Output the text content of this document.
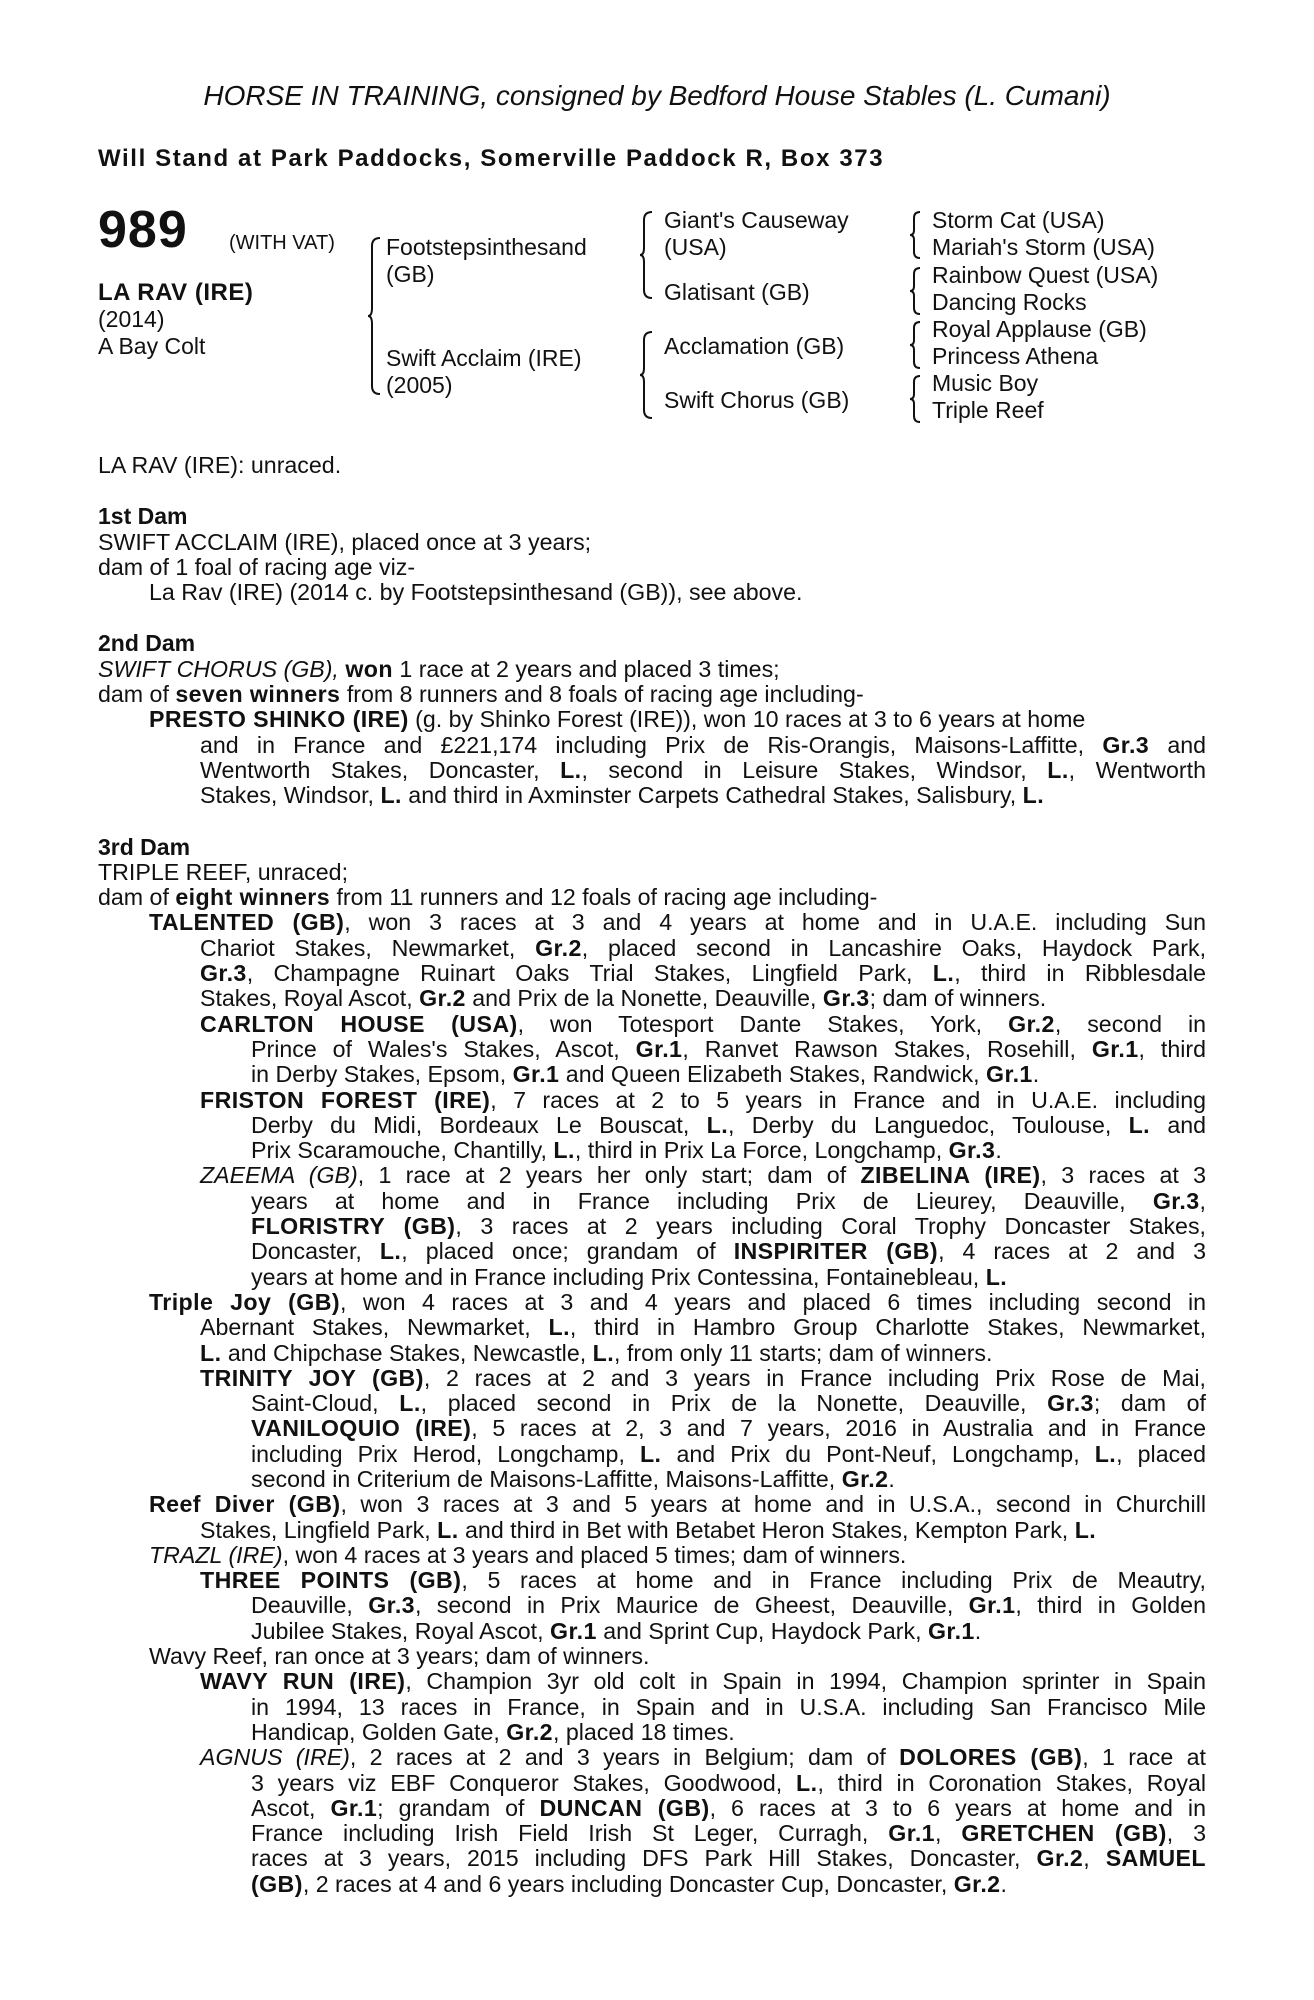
HORSE IN TRAINING, consigned by Bedford House Stables (L. Cumani)
Will Stand at Park Paddocks, Somerville Paddock R, Box 373
989 (WITH VAT)
LA RAV (IRE)
(2014)
A Bay Colt
Footstepsinthesand
(GB)
Swift Acclaim (IRE)
(2005)
Giant's Causeway
(USA)
Glatisant (GB)
Acclamation (GB)
Swift Chorus (GB)
Storm Cat (USA)
Mariah's Storm (USA)
Rainbow Quest (USA)
Dancing Rocks
Royal Applause (GB)
Princess Athena
Music Boy
Triple Reef
LA RAV (IRE): unraced.
1st Dam
SWIFT ACCLAIM (IRE), placed once at 3 years;
dam of 1 foal of racing age viz-
La Rav (IRE) (2014 c. by Footstepsinthesand (GB)), see above.
2nd Dam
SWIFT CHORUS (GB), won 1 race at 2 years and placed 3 times;
dam of seven winners from 8 runners and 8 foals of racing age including-
PRESTO SHINKO (IRE) (g. by Shinko Forest (IRE)), won 10 races at 3 to 6 years at home
and in France and £221,174 including Prix de Ris-Orangis, Maisons-Laffitte, Gr.3 and
Wentworth Stakes, Doncaster, L., second in Leisure Stakes, Windsor, L., Wentworth
Stakes, Windsor, L. and third in Axminster Carpets Cathedral Stakes, Salisbury, L.
3rd Dam
TRIPLE REEF, unraced;
dam of eight winners from 11 runners and 12 foals of racing age including-
TALENTED (GB), won 3 races at 3 and 4 years at home and in U.A.E. including Sun
Chariot Stakes, Newmarket, Gr.2, placed second in Lancashire Oaks, Haydock Park,
Gr.3, Champagne Ruinart Oaks Trial Stakes, Lingfield Park, L., third in Ribblesdale
Stakes, Royal Ascot, Gr.2 and Prix de la Nonette, Deauville, Gr.3; dam of winners.
CARLTON HOUSE (USA), won Totesport Dante Stakes, York, Gr.2, second in
Prince of Wales's Stakes, Ascot, Gr.1, Ranvet Rawson Stakes, Rosehill, Gr.1, third
in Derby Stakes, Epsom, Gr.1 and Queen Elizabeth Stakes, Randwick, Gr.1.
FRISTON FOREST (IRE), 7 races at 2 to 5 years in France and in U.A.E. including
Derby du Midi, Bordeaux Le Bouscat, L., Derby du Languedoc, Toulouse, L. and
Prix Scaramouche, Chantilly, L., third in Prix La Force, Longchamp, Gr.3.
ZAEEMA (GB), 1 race at 2 years her only start; dam of ZIBELINA (IRE), 3 races at 3
years at home and in France including Prix de Lieurey, Deauville, Gr.3,
FLORISTRY (GB), 3 races at 2 years including Coral Trophy Doncaster Stakes,
Doncaster, L., placed once; grandam of INSPIRITER (GB), 4 races at 2 and 3
years at home and in France including Prix Contessina, Fontainebleau, L.
Triple Joy (GB), won 4 races at 3 and 4 years and placed 6 times including second in
Abernant Stakes, Newmarket, L., third in Hambro Group Charlotte Stakes, Newmarket,
L. and Chipchase Stakes, Newcastle, L., from only 11 starts; dam of winners.
TRINITY JOY (GB), 2 races at 2 and 3 years in France including Prix Rose de Mai,
Saint-Cloud, L., placed second in Prix de la Nonette, Deauville, Gr.3; dam of
VANILOQUIO (IRE), 5 races at 2, 3 and 7 years, 2016 in Australia and in France
including Prix Herod, Longchamp, L. and Prix du Pont-Neuf, Longchamp, L., placed
second in Criterium de Maisons-Laffitte, Maisons-Laffitte, Gr.2.
Reef Diver (GB), won 3 races at 3 and 5 years at home and in U.S.A., second in Churchill
Stakes, Lingfield Park, L. and third in Bet with Betabet Heron Stakes, Kempton Park, L.
TRAZL (IRE), won 4 races at 3 years and placed 5 times; dam of winners.
THREE POINTS (GB), 5 races at home and in France including Prix de Meautry,
Deauville, Gr.3, second in Prix Maurice de Gheest, Deauville, Gr.1, third in Golden
Jubilee Stakes, Royal Ascot, Gr.1 and Sprint Cup, Haydock Park, Gr.1.
Wavy Reef, ran once at 3 years; dam of winners.
WAVY RUN (IRE), Champion 3yr old colt in Spain in 1994, Champion sprinter in Spain
in 1994, 13 races in France, in Spain and in U.S.A. including San Francisco Mile
Handicap, Golden Gate, Gr.2, placed 18 times.
AGNUS (IRE), 2 races at 2 and 3 years in Belgium; dam of DOLORES (GB), 1 race at
3 years viz EBF Conqueror Stakes, Goodwood, L., third in Coronation Stakes, Royal
Ascot, Gr.1; grandam of DUNCAN (GB), 6 races at 3 to 6 years at home and in
France including Irish Field Irish St Leger, Curragh, Gr.1, GRETCHEN (GB), 3
races at 3 years, 2015 including DFS Park Hill Stakes, Doncaster, Gr.2, SAMUEL
(GB), 2 races at 4 and 6 years including Doncaster Cup, Doncaster, Gr.2.
